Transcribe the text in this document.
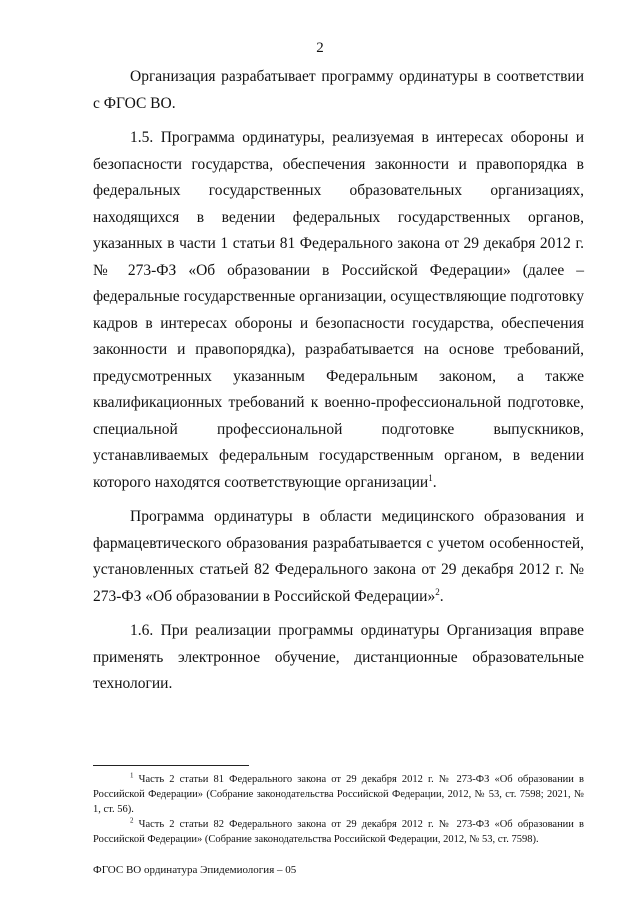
2

Организация разрабатывает программу ординатуры в соответствии с ФГОС ВО.

1.5. Программа ординатуры, реализуемая в интересах обороны и безопасности государства, обеспечения законности и правопорядка в федеральных государственных образовательных организациях, находящихся в ведении федеральных государственных органов, указанных в части 1 статьи 81 Федерального закона от 29 декабря 2012 г. № 273-ФЗ «Об образовании в Российской Федерации» (далее – федеральные государственные организации, осуществляющие подготовку кадров в интересах обороны и безопасности государства, обеспечения законности и правопорядка), разрабатывается на основе требований, предусмотренных указанным Федеральным законом, а также квалификационных требований к военно-профессиональной подготовке, специальной профессиональной подготовке выпускников, устанавливаемых федеральным государственным органом, в ведении которого находятся соответствующие организации$^1$.

Программа ординатуры в области медицинского образования и фармацевтического образования разрабатывается с учетом особенностей, установленных статьей 82 Федерального закона от 29 декабря 2012 г. № 273-ФЗ «Об образовании в Российской Федерации»$^2$.

1.6. При реализации программы ординатуры Организация вправе применять электронное обучение, дистанционные образовательные технологии.

$^1$ Часть 2 статьи 81 Федерального закона от 29 декабря 2012 г. № 273-ФЗ «Об образовании в Российской Федерации» (Собрание законодательства Российской Федерации, 2012, № 53, ст. 7598; 2021, № 1, ст. 56).

$^2$ Часть 2 статьи 82 Федерального закона от 29 декабря 2012 г. № 273-ФЗ «Об образовании в Российской Федерации» (Собрание законодательства Российской Федерации, 2012, № 53, ст. 7598).

ФГОС ВО ординатура Эпидемиология – 05
